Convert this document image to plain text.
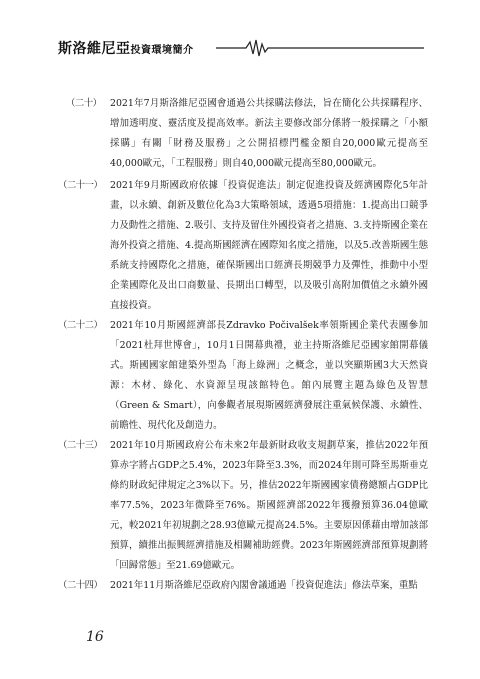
斯洛維尼亞投資環境簡介
（二十） 2021年7月斯洛維尼亞國會通過公共採購法修法，旨在簡化公共採購程序、增加透明度、靈活度及提高效率。新法主要修改部分係將一般採購之「小額採購」有關「財務及服務」之公開招標門檻金額自20,000歐元提高至40,000歐元，「工程服務」則自40,000歐元提高至80,000歐元。
（二十一） 2021年9月斯國政府依據「投資促進法」制定促進投資及經濟國際化5年計畫，以永續、創新及數位化為3大策略領域，透過5項措施：1.提高出口競爭力及動性之措施、2.吸引、支持及留住外國投資者之措施、3.支持斯國企業在海外投資之措施、4.提高斯國經濟在國際知名度之措施，以及5.改善斯國生態系統支持國際化之措施，確保斯國出口經濟長期競爭力及彈性，推動中小型企業國際化及出口商數量、長期出口轉型，以及吸引高附加價值之永續外國直接投資。
（二十二） 2021年10月斯國經濟部長Zdravko Počivalšek率領斯國企業代表團參加「2021杜拜世博會」，10月1日開幕典禮，並主持斯洛維尼亞國家館開幕儀式。斯國國家館建築外型為「海上綠洲」之概念，並以突顯斯國3大天然資源：木材、綠化、水資源呈現該館特色。館內展覽主題為綠色及智慧（Green & Smart），向參觀者展現斯國經濟發展注重氣候保護、永續性、前瞻性、現代化及創造力。
（二十三） 2021年10月斯國政府公布未來2年最新財政收支規劃草案，推估2022年預算赤字將占GDP之5.4%，2023年降至3.3%，而2024年則可降至馬斯垂克條約財政紀律規定之3%以下。另，推估2022年斯國國家債務總額占GDP比率77.5%，2023年微降至76%。斯國經濟部2022年獲撥預算36.04億歐元，較2021年初規劃之28.93億歐元提高24.5%。主要原因係藉由增加該部預算，續推出振興經濟措施及相關補助經費。2023年斯國經濟部預算規劃將「回歸常態」至21.69億歐元。
（二十四） 2021年11月斯洛維尼亞政府內閣會議通過「投資促進法」修法草案，重點
16
